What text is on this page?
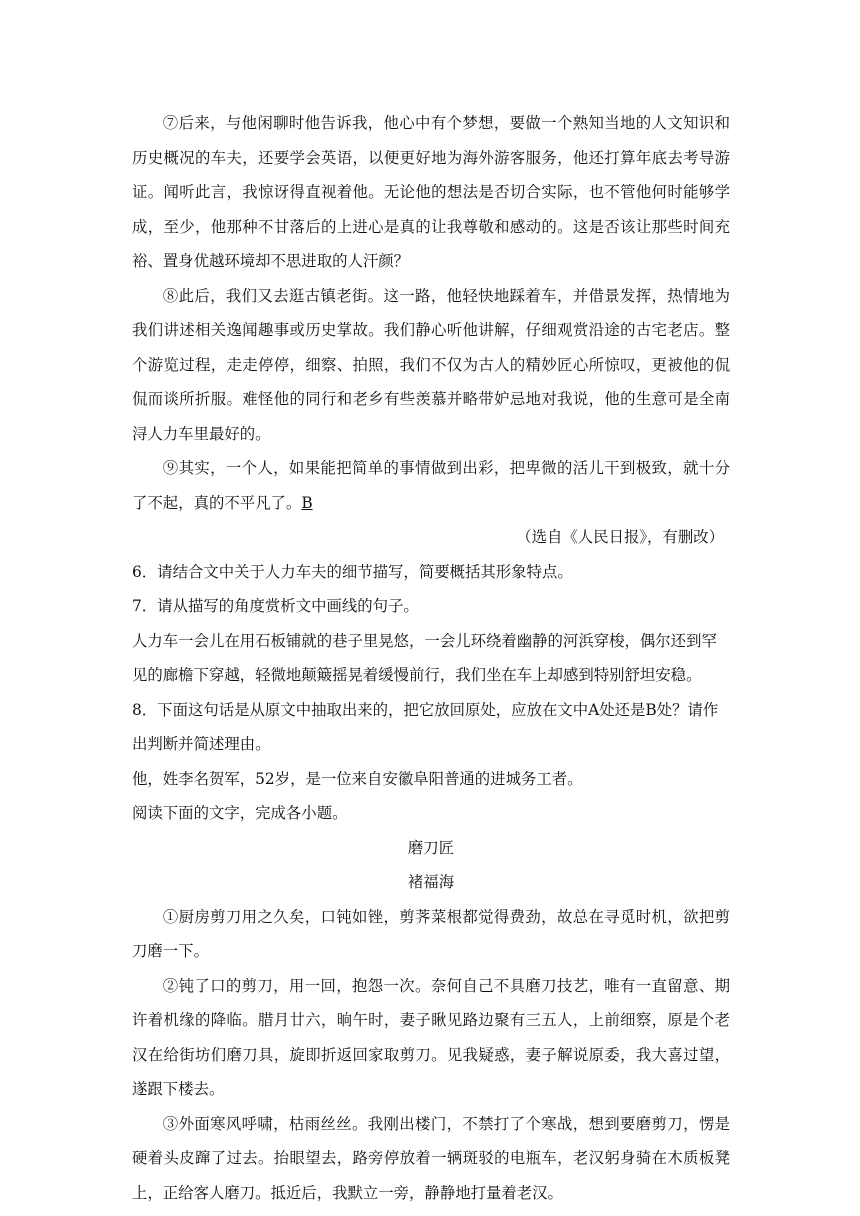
⑦后来，与他闲聊时他告诉我，他心中有个梦想，要做一个熟知当地的人文知识和历史概况的车夫，还要学会英语，以便更好地为海外游客服务，他还打算年底去考导游证。闻听此言，我惊讶得直视着他。无论他的想法是否切合实际，也不管他何时能够学成，至少，他那种不甘落后的上进心是真的让我尊敬和感动的。这是否该让那些时间充裕、置身优越环境却不思进取的人汗颜？

⑧此后，我们又去逛古镇老街。这一路，他轻快地踩着车，并借景发挥，热情地为我们讲述相关逸闻趣事或历史掌故。我们静心听他讲解，仔细观赏沿途的古宅老店。整个游览过程，走走停停，细察、拍照，我们不仅为古人的精妙匠心所惊叹，更被他的侃侃而谈所折服。难怪他的同行和老乡有些羡慕并略带妒忌地对我说，他的生意可是全南浔人力车里最好的。

⑨其实，一个人，如果能把简单的事情做到出彩，把卑微的活儿干到极致，就十分了不起，真的不平凡了。B

（选自《人民日报》，有删改）

6．请结合文中关于人力车夫的细节描写，简要概括其形象特点。

7．请从描写的角度赏析文中画线的句子。

人力车一会儿在用石板铺就的巷子里晃悠，一会儿环绕着幽静的河浜穿梭，偶尔还到罕见的廊檐下穿越，轻微地颠簸摇晃着缓慢前行，我们坐在车上却感到特别舒坦安稳。

8．下面这句话是从原文中抽取出来的，把它放回原处，应放在文中A处还是B处？请作出判断并简述理由。

他，姓李名贺军，52岁，是一位来自安徽阜阳普通的进城务工者。

阅读下面的文字，完成各小题。

磨刀匠

褚福海

①厨房剪刀用之久矣，口钝如锉，剪荠菜根都觉得费劲，故总在寻觅时机，欲把剪刀磨一下。

②钝了口的剪刀，用一回，抱怨一次。奈何自己不具磨刀技艺，唯有一直留意、期许着机缘的降临。腊月廿六，晌午时，妻子瞅见路边聚有三五人，上前细察，原是个老汉在给街坊们磨刀具，旋即折返回家取剪刀。见我疑惑，妻子解说原委，我大喜过望，遂跟下楼去。

③外面寒风呼啸，枯雨丝丝。我刚出楼门，不禁打了个寒战，想到要磨剪刀，愣是硬着头皮蹿了过去。抬眼望去，路旁停放着一辆斑驳的电瓶车，老汉躬身骑在木质板凳上，正给客人磨刀。抵近后，我默立一旁，静静地打量着老汉。
